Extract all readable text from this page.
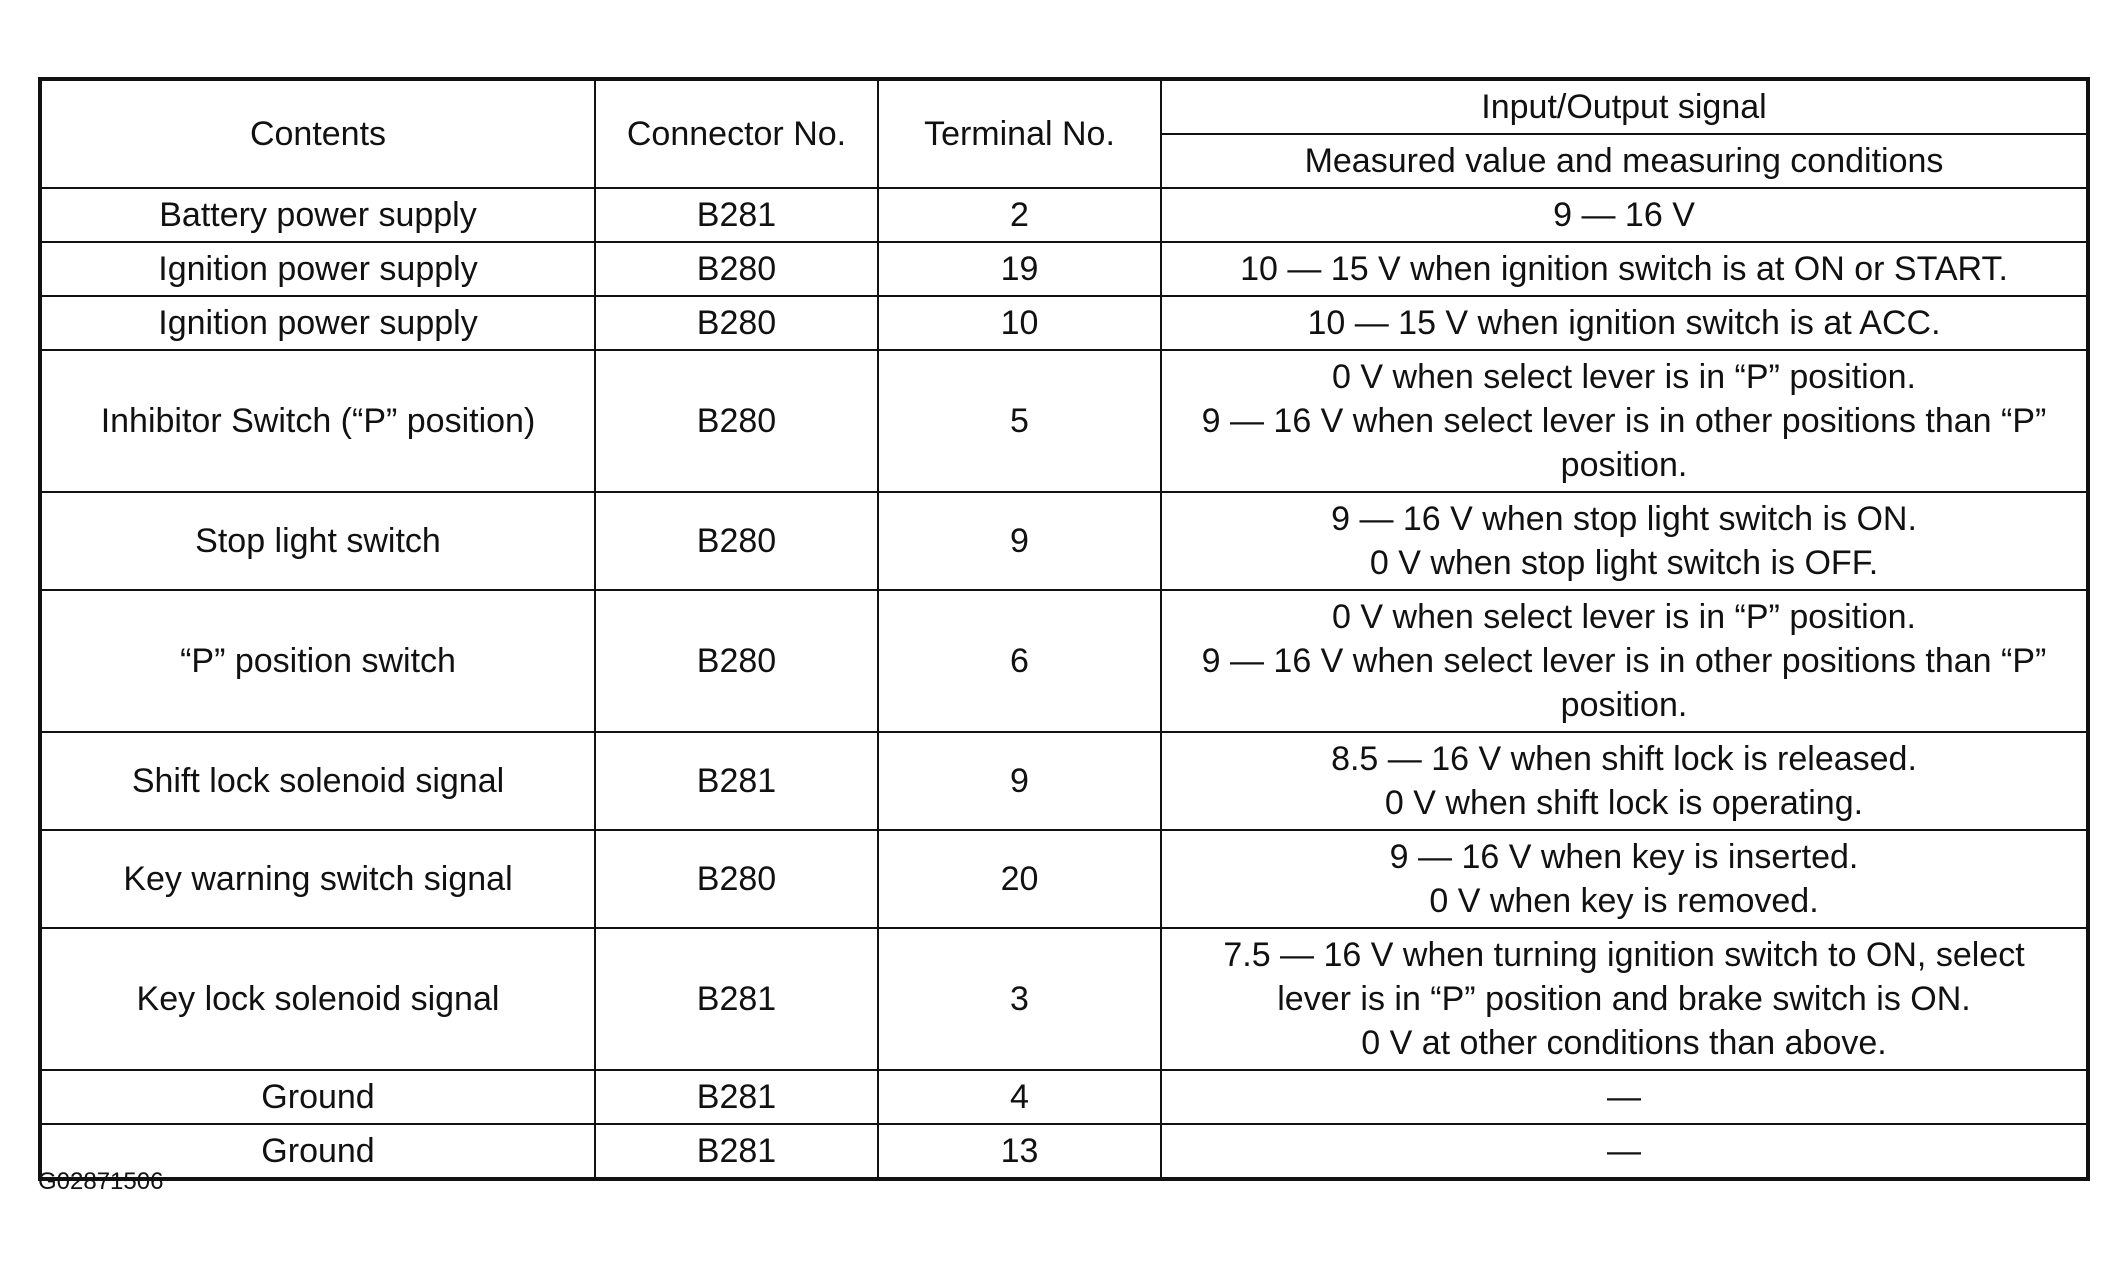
Contents	Connector No.	Terminal No.	Input/Output signal
			Measured value and measuring conditions
Battery power supply	B281	2	9 — 16 V

Ignition power supply	B280	19	10 — 15 V when ignition switch is at ON or START.

Ignition power supply	B280	10	10 — 15 V when ignition switch is at ACC.

Inhibitor Switch (“P” position)	B280	5	0 V when select lever is in “P” position.
9 — 16 V when select lever is in other positions than “P”
position.

Stop light switch	B280	9	9 — 16 V when stop light switch is ON.
0 V when stop light switch is OFF.

“P” position switch	B280	6	0 V when select lever is in “P” position.
9 — 16 V when select lever is in other positions than “P”
position.

Shift lock solenoid signal	B281	9	8.5 — 16 V when shift lock is released.
0 V when shift lock is operating.

Key warning switch signal	B280	20	9 — 16 V when key is inserted.
0 V when key is removed.

Key lock solenoid signal	B281	3	7.5 — 16 V when turning ignition switch to ON, select
lever is in “P” position and brake switch is ON.
0 V at other conditions than above.

Ground	B281	4	—

Ground	B281	13	—
G02871506
